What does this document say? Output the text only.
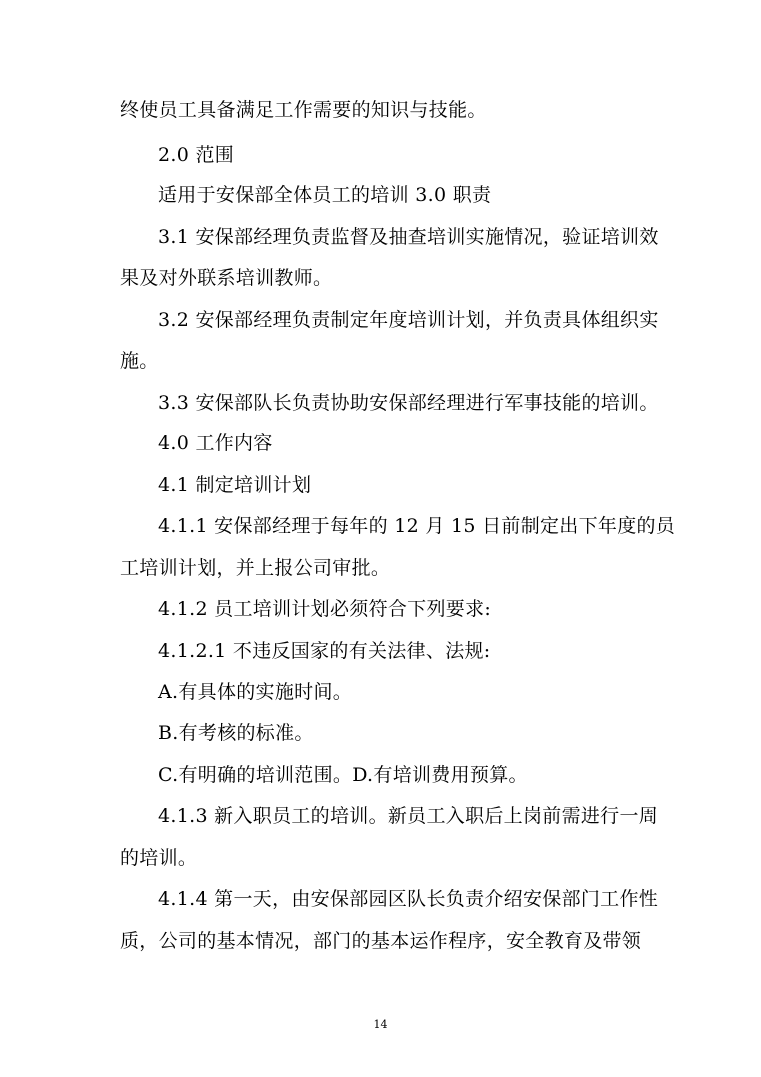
终使员工具备满足工作需要的知识与技能。
2.0 范围
适用于安保部全体员工的培训 3.0 职责
3.1 安保部经理负责监督及抽查培训实施情况，验证培训效
果及对外联系培训教师。
3.2 安保部经理负责制定年度培训计划，并负责具体组织实
施。
3.3 安保部队长负责协助安保部经理进行军事技能的培训。
4.0 工作内容
4.1 制定培训计划
4.1.1 安保部经理于每年的 12 月 15 日前制定出下年度的员
工培训计划，并上报公司审批。
4.1.2 员工培训计划必须符合下列要求:
4.1.2.1 不违反国家的有关法律、法规:
A.有具体的实施时间。
B.有考核的标准。
C.有明确的培训范围。D.有培训费用预算。
4.1.3 新入职员工的培训。新员工入职后上岗前需进行一周
的培训。
4.1.4 第一天，由安保部园区队长负责介绍安保部门工作性
质，公司的基本情况，部门的基本运作程序，安全教育及带领
14
